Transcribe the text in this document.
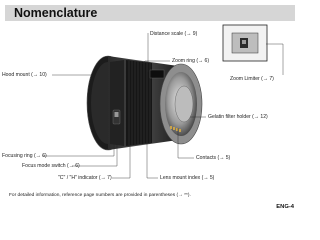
Nomenclature
Distance scale (→ 9)
Zoom ring (→ 6)
Hood mount (→ 10)
Zoom Limiter (→ 7)
Gelatin filter holder (→ 12)
Contacts (→ 5)
Focusing ring (→ 6)
Focus mode switch (→ 6)
"C" / "H" indicator (→ 7)	Lens mount index (→ 5)
For detailed information, reference page numbers are provided in parentheses (→ **).
ENG-4
